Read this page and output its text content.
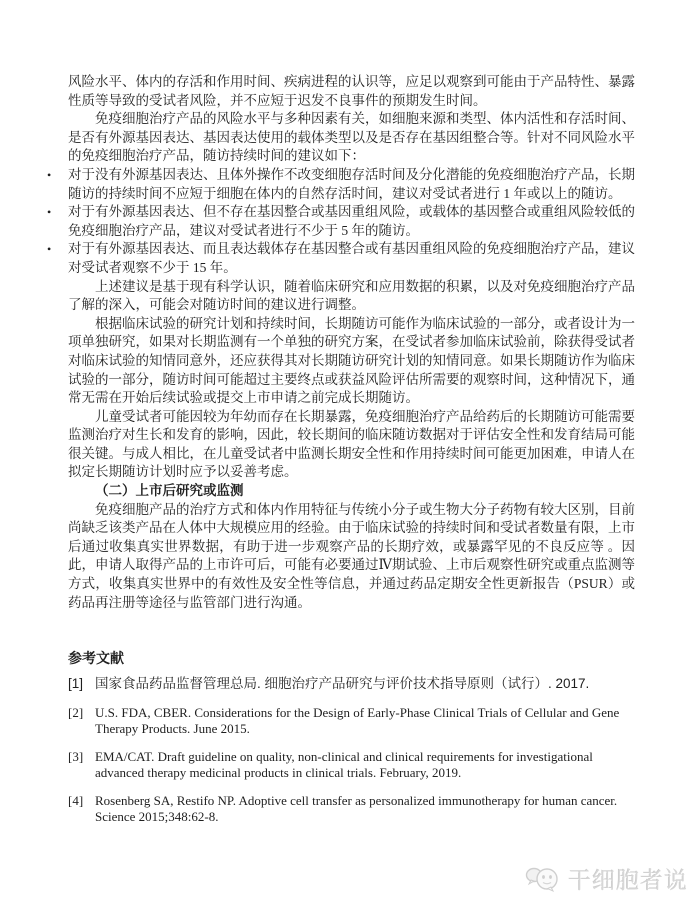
风险水平、体内的存活和作用时间、疾病进程的认识等，应足以观察到可能由于产品特性、暴露性质等导致的受试者风险，并不应短于迟发不良事件的预期发生时间。

免疫细胞治疗产品的风险水平与多种因素有关，如细胞来源和类型、体内活性和存活时间、是否有外源基因表达、基因表达使用的载体类型以及是否存在基因组整合等。针对不同风险水平的免疫细胞治疗产品，随访持续时间的建议如下：

• 对于没有外源基因表达、且体外操作不改变细胞存活时间及分化潜能的免疫细胞治疗产品，长期随访的持续时间不应短于细胞在体内的自然存活时间，建议对受试者进行 1 年或以上的随访。
• 对于有外源基因表达、但不存在基因整合或基因重组风险，或载体的基因整合或重组风险较低的免疫细胞治疗产品，建议对受试者进行不少于 5 年的随访。
• 对于有外源基因表达、而且表达载体存在基因整合或有基因重组风险的免疫细胞治疗产品，建议对受试者观察不少于 15 年。

上述建议是基于现有科学认识，随着临床研究和应用数据的积累，以及对免疫细胞治疗产品了解的深入，可能会对随访时间的建议进行调整。

根据临床试验的研究计划和持续时间，长期随访可能作为临床试验的一部分，或者设计为一项单独研究，如果对长期监测有一个单独的研究方案，在受试者参加临床试验前，除获得受试者对临床试验的知情同意外，还应获得其对长期随访研究计划的知情同意。如果长期随访作为临床试验的一部分，随访时间可能超过主要终点或获益风险评估所需要的观察时间，这种情况下，通常无需在开始后续试验或提交上市申请之前完成长期随访。

儿童受试者可能因较为年幼而存在长期暴露，免疫细胞治疗产品给药后的长期随访可能需要监测治疗对生长和发育的影响，因此，较长期间的临床随访数据对于评估安全性和发育结局可能很关键。与成人相比，在儿童受试者中监测长期安全性和作用持续时间可能更加困难，申请人在拟定长期随访计划时应予以妥善考虑。

（二）上市后研究或监测

免疫细胞产品的治疗方式和体内作用特征与传统小分子或生物大分子药物有较大区别，目前尚缺乏该类产品在人体中大规模应用的经验。由于临床试验的持续时间和受试者数量有限，上市后通过收集真实世界数据，有助于进一步观察产品的长期疗效，或暴露罕见的不良反应等 。因此，申请人取得产品的上市许可后，可能有必要通过Ⅳ期试验、上市后观察性研究或重点监测等方式，收集真实世界中的有效性及安全性等信息，并通过药品定期安全性更新报告（PSUR）或药品再注册等途径与监管部门进行沟通。

参考文献
[1] 国家食品药品监督管理总局. 细胞治疗产品研究与评价技术指导原则（试行）. 2017.
[2] U.S. FDA, CBER. Considerations for the Design of Early-Phase Clinical Trials of Cellular and Gene Therapy Products. June 2015.
[3] EMA/CAT. Draft guideline on quality, non-clinical and clinical requirements for investigational advanced therapy medicinal products in clinical trials. February, 2019.
[4] Rosenberg SA, Restifo NP. Adoptive cell transfer as personalized immunotherapy for human cancer. Science 2015;348:62-8.
干细胞者说
